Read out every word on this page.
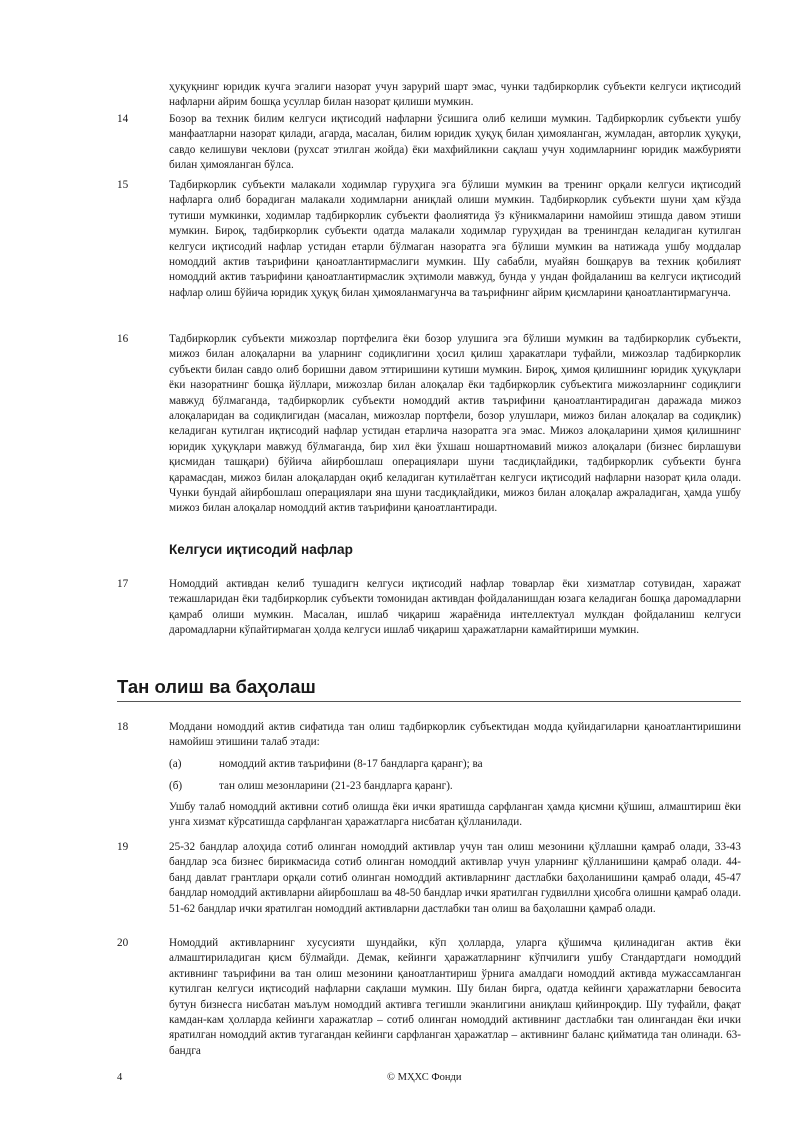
ҳуқуқнинг юридик кучга эгалиги назорат учун зарурий шарт эмас, чунки тадбиркорлик субъекти келгуси иқтисодий нафларни айрим бошқа усуллар билан назорат қилиши мумкин.

14	Бозор ва техник билим келгуси иқтисодий нафларни ўсишига олиб келиши мумкин. Тадбиркорлик субъекти ушбу манфаатларни назорат қилади, агарда, масалан, билим юридик ҳуқуқ билан ҳимояланган, жумладан, авторлик ҳуқуқи, савдо келишуви чеклови (рухсат этилган жойда) ёки махфийликни сақлаш учун ходимларнинг юридик мажбурияти билан ҳимояланган бўлса.

15	Тадбиркорлик субъекти малакали ходимлар гуруҳига эга бўлиши мумкин ва тренинг орқали келгуси иқтисодий нафларга олиб борадиган малакали ходимларни аниқлай олиши мумкин. Тадбиркорлик субъекти шуни ҳам кўзда тутиши мумкинки, ходимлар тадбиркорлик субъекти фаолиятида ўз кўникмаларини намойиш этишда давом этиши мумкин. Бироқ, тадбиркорлик субъекти одатда малакали ходимлар гуруҳидан ва тренингдан келадиган кутилган келгуси иқтисодий нафлар устидан етарли бўлмаган назоратга эга бўлиши мумкин ва натижада ушбу моддалар номоддий актив таърифини қаноатлантирмаслиги мумкин. Шу сабабли, муайян бошқарув ва техник қобилият номоддий актив таърифини қаноатлантирмаслик эҳтимоли мавжуд, бунда у ундан фойдаланиш ва келгуси иқтисодий нафлар олиш бўйича юридик ҳуқуқ билан ҳимояланмагунча ва таърифнинг айрим қисмларини қаноатлантирмагунча.

16	Тадбиркорлик субъекти мижозлар портфелига ёки бозор улушига эга бўлиши мумкин ва тадбиркорлик субъекти, мижоз билан алоқаларни ва уларнинг содиқлигини ҳосил қилиш ҳаракатлари туфайли, мижозлар тадбиркорлик субъекти билан савдо олиб боришни давом эттиришини кутиши мумкин. Бироқ, ҳимоя қилишнинг юридик ҳуқуқлари ёки назоратнинг бошқа йўллари, мижозлар билан алоқалар ёки тадбиркорлик субъектига мижозларнинг содиқлиги мавжуд бўлмаганда, тадбиркорлик субъекти номоддий актив таърифини қаноатлантирадиган даражада мижоз алоқаларидан ва содиқлигидан (масалан, мижозлар портфели, бозор улушлари, мижоз билан алоқалар ва содиқлик) келадиган кутилган иқтисодий нафлар устидан етарлича назоратга эга эмас. Мижоз алоқаларини ҳимоя қилишнинг юридик ҳуқуқлари мавжуд бўлмаганда, бир хил ёки ўхшаш ношартномавий мижоз алоқалари (бизнес бирлашуви қисмидан ташқари) бўйича айирбошлаш операциялари шуни тасдиқлайдики, тадбиркорлик субъекти бунга қарамасдан, мижоз билан алоқалардан оқиб келадиган кутилаётган келгуси иқтисодий нафларни назорат қила олади. Чунки бундай айирбошлаш операциялари яна шуни тасдиқлайдики, мижоз билан алоқалар ажраладиган, ҳамда ушбу мижоз билан алоқалар номоддий актив таърифини қаноатлантиради.

Келгуси иқтисодий нафлар
17	Номоддий активдан келиб тушадигн келгуси иқтисодий нафлар товарлар ёки хизматлар сотувидан, харажат тежашларидан ёки тадбиркорлик субъекти томонидан активдан фойдаланишдан юзага келадиган бошқа даромадларни қамраб олиши мумкин. Масалан, ишлаб чиқариш жараёнида интеллектуал мулкдан фойдаланиш келгуси даромадларни кўпайтирмаган ҳолда келгуси ишлаб чиқариш ҳаражатларни камайтириши мумкин.

Тан олиш ва баҳолаш
18	Моддани номоддий актив сифатида тан олиш тадбиркорлик субъектидан модда қуйидагиларни қаноатлантиришини намойиш этишини талаб этади:

(а)	номоддий актив таърифини (8-17 бандларга қаранг); ва
(б)	тан олиш мезонларини (21-23 бандларга қаранг).

Ушбу талаб номоддий активни сотиб олишда ёки ички яратишда сарфланган ҳамда қисмни қўшиш, алмаштириш ёки унга хизмат кўрсатишда сарфланган ҳаражатларга нисбатан қўлланилади.

19	25-32 бандлар алоҳида сотиб олинган номоддий активлар учун тан олиш мезонини қўллашни қамраб олади, 33-43 бандлар эса бизнес бирикмасида сотиб олинган номоддий активлар учун уларнинг қўлланишини қамраб олади. 44-банд давлат грантлари орқали сотиб олинган номоддий активларнинг дастлабки баҳоланишини қамраб олади, 45-47 бандлар номоддий активларни айирбошлаш ва 48-50 бандлар ички яратилган гудвиллни ҳисобга олишни қамраб олади. 51-62 бандлар ички яратилган номоддий активларни дастлабки тан олиш ва баҳолашни қамраб олади.

20	Номоддий активларнинг хусусияти шундайки, кўп ҳолларда, уларга қўшимча қилинадиган актив ёки алмаштириладиган қисм бўлмайди. Демак, кейинги ҳаражатларнинг кўпчилиги ушбу Стандартдаги номоддий активнинг таърифини ва тан олиш мезонини қаноатлантириш ўрнига амалдаги номоддий активда мужассамланган кутилган келгуси иқтисодий нафларни сақлаши мумкин. Шу билан бирга, одатда кейинги ҳаражатларни бевосита бутун бизнесга нисбатан маълум номоддий активга тегишли эканлигини аниқлаш қийинроқдир. Шу туфайли, фақат камдан-кам ҳолларда кейинги харажатлар – сотиб олинган номоддий активнинг дастлабки тан олингандан ёки ички яратилган номоддий актив тугагандан кейинги сарфланган ҳаражатлар – активнинг баланс қийматида тан олинади. 63-бандга

4	© МҲХС Фонди
